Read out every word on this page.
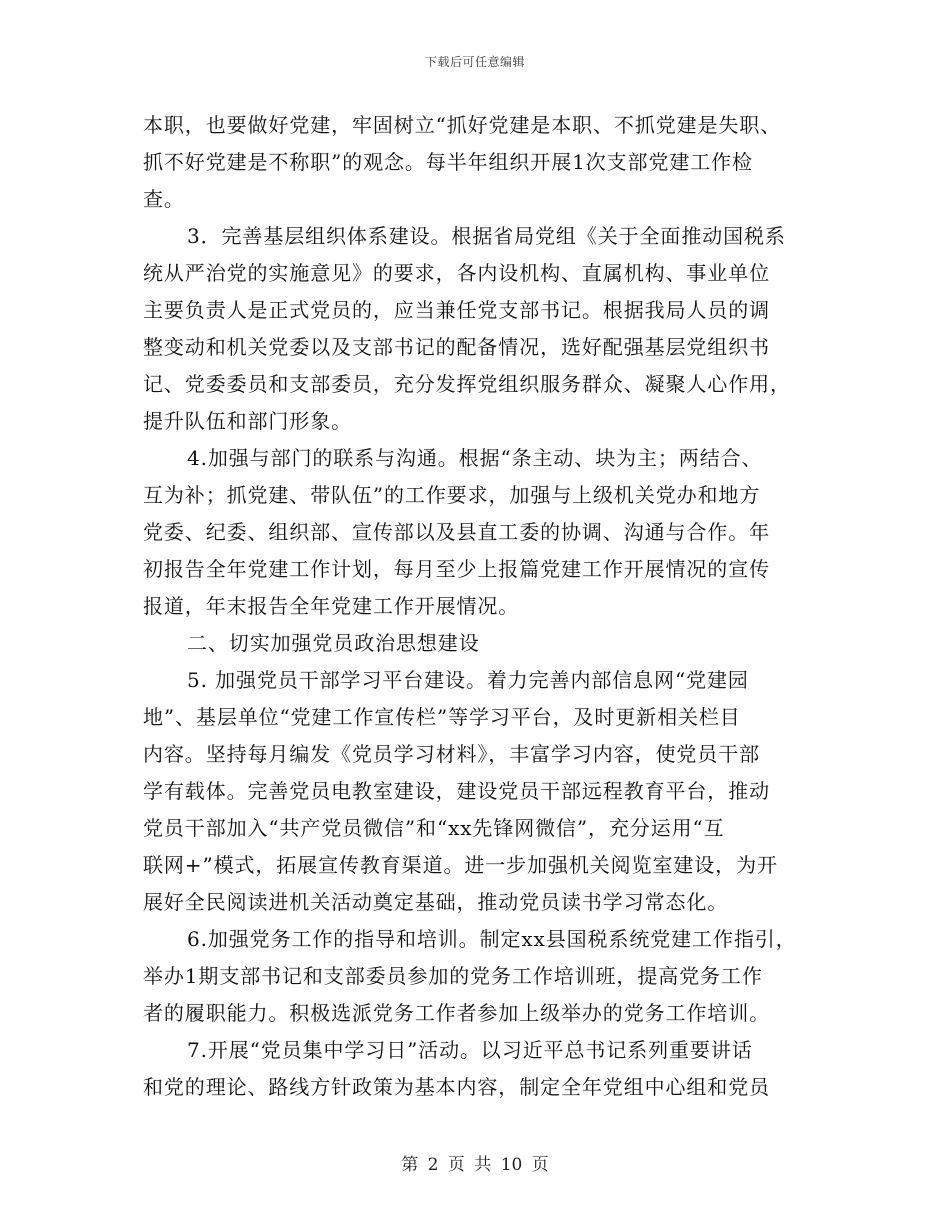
下载后可任意编辑
本职，也要做好党建，牢固树立“抓好党建是本职、不抓党建是失职、
抓不好党建是不称职”的观念。每半年组织开展1次支部党建工作检
查。
3．完善基层组织体系建设。根据省局党组《关于全面推动国税系
统从严治党的实施意见》的要求，各内设机构、直属机构、事业单位
主要负责人是正式党员的，应当兼任党支部书记。根据我局人员的调
整变动和机关党委以及支部书记的配备情况，选好配强基层党组织书
记、党委委员和支部委员，充分发挥党组织服务群众、凝聚人心作用，
提升队伍和部门形象。
4.加强与部门的联系与沟通。根据“条主动、块为主；两结合、
互为补；抓党建、带队伍”的工作要求，加强与上级机关党办和地方
党委、纪委、组织部、宣传部以及县直工委的协调、沟通与合作。年
初报告全年党建工作计划，每月至少上报篇党建工作开展情况的宣传
报道，年末报告全年党建工作开展情况。
二、切实加强党员政治思想建设
5. 加强党员干部学习平台建设。着力完善内部信息网“党建园
地”、基层单位“党建工作宣传栏”等学习平台，及时更新相关栏目
内容。坚持每月编发《党员学习材料》，丰富学习内容，使党员干部
学有载体。完善党员电教室建设，建设党员干部远程教育平台，推动
党员干部加入“共产党员微信”和“xx先锋网微信”，充分运用“互
联网+”模式，拓展宣传教育渠道。进一步加强机关阅览室建设，为开
展好全民阅读进机关活动奠定基础，推动党员读书学习常态化。
6.加强党务工作的指导和培训。制定xx县国税系统党建工作指引，
举办1期支部书记和支部委员参加的党务工作培训班，提高党务工作
者的履职能力。积极选派党务工作者参加上级举办的党务工作培训。
7.开展“党员集中学习日”活动。以习近平总书记系列重要讲话
和党的理论、路线方针政策为基本内容，制定全年党组中心组和党员
第 2 页 共 10 页
